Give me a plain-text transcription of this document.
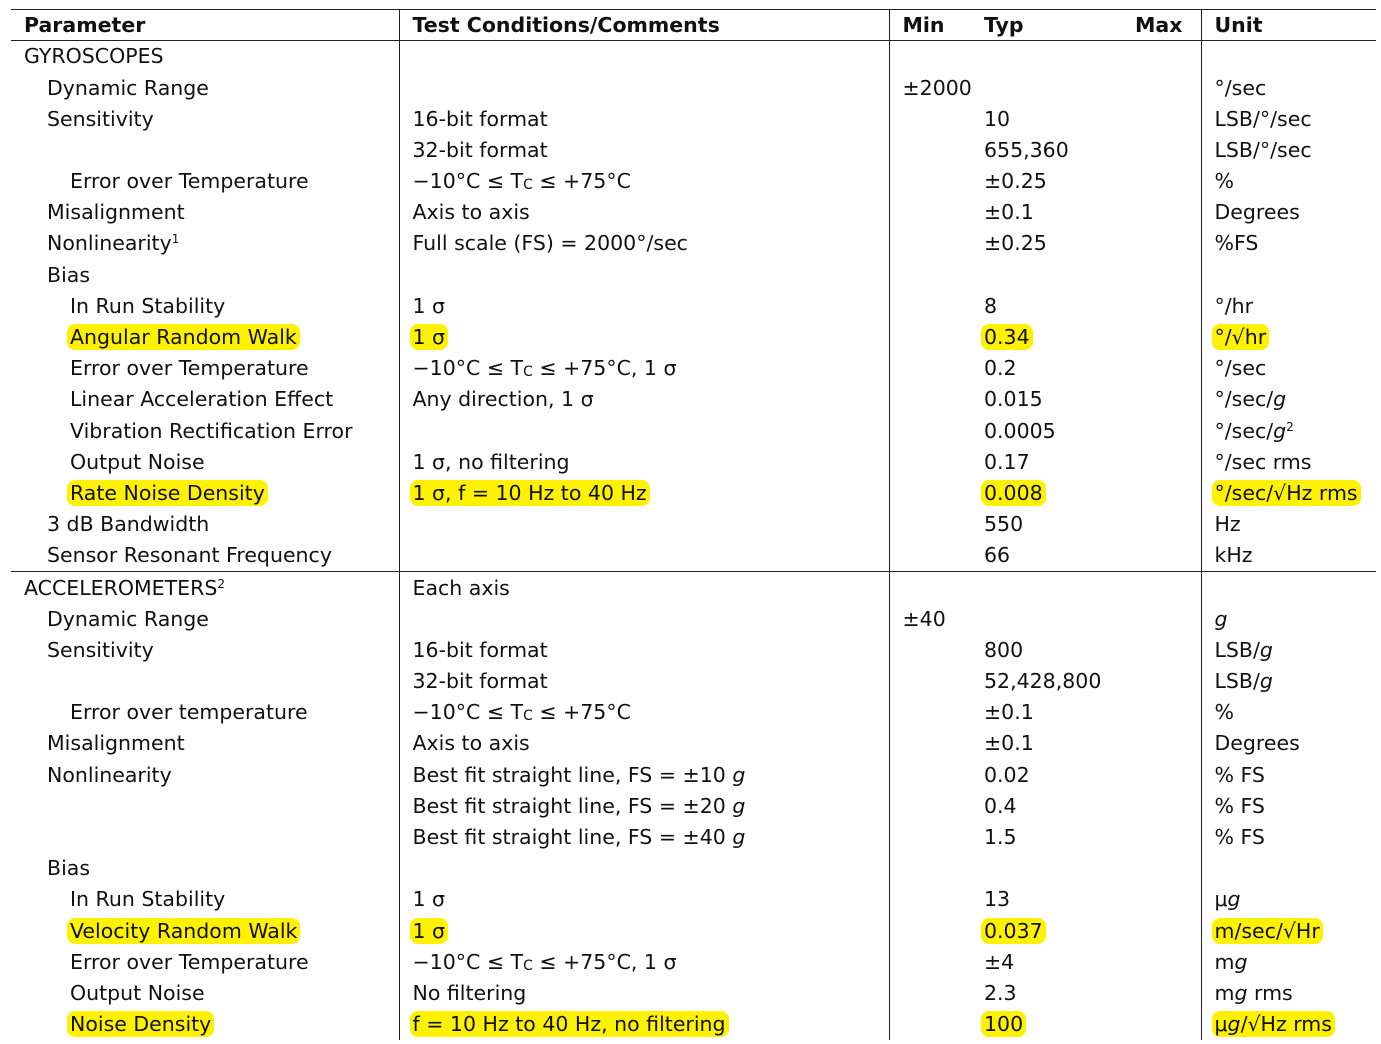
Parameter	Test Conditions/Comments	Min	Typ	Max	Unit

GYROSCOPES					

Dynamic Range		±2000			°/sec

Sensitivity	16-bit format		10		LSB/°/sec
	32-bit format		655,360		LSB/°/sec

Error over Temperature	−10°C ≤ TC ≤ +75°C		±0.25		%

Misalignment	Axis to axis		±0.1		Degrees

Nonlinearity$^1$	Full scale (FS) = 2000°/sec		±0.25		%FS

Bias					

In Run Stability	1 σ		8		°/hr

Angular Random Walk	1 σ		0.34		°/√hr

Error over Temperature	−10°C ≤ TC ≤ +75°C, 1 σ		0.2		°/sec

Linear Acceleration Effect	Any direction, 1 σ		0.015		°/sec/g

Vibration Rectification Error			0.0005		$^\circ/\sec/g^2$

Output Noise	1 σ, no filtering		0.17		°/sec rms

Rate Noise Density	1 σ, f = 10 Hz to 40 Hz		0.008		°/sec/√Hz rms

3 dB Bandwidth			550		Hz

Sensor Resonant Frequency			66		kHz

ACCELEROMETERS$^2$	Each axis				

Dynamic Range		±40			g

Sensitivity	16-bit format		800		LSB/g
	32-bit format		52,428,800		LSB/g

Error over temperature	−10°C ≤ TC ≤ +75°C		±0.1		%

Misalignment	Axis to axis		±0.1		Degrees

Nonlinearity	Best fit straight line, FS = ±10 g		0.02		% FS
	Best fit straight line, FS = ±20 g		0.4		% FS
	Best fit straight line, FS = ±40 g		1.5		% FS

Bias					

In Run Stability	1 σ		13		μg

Velocity Random Walk	1 σ		0.037		m/sec/√Hr

Error over Temperature	−10°C ≤ TC ≤ +75°C, 1 σ		±4		mg

Output Noise	No filtering		2.3		mg rms

Noise Density	f = 10 Hz to 40 Hz, no filtering		100		μg/√Hz rms
